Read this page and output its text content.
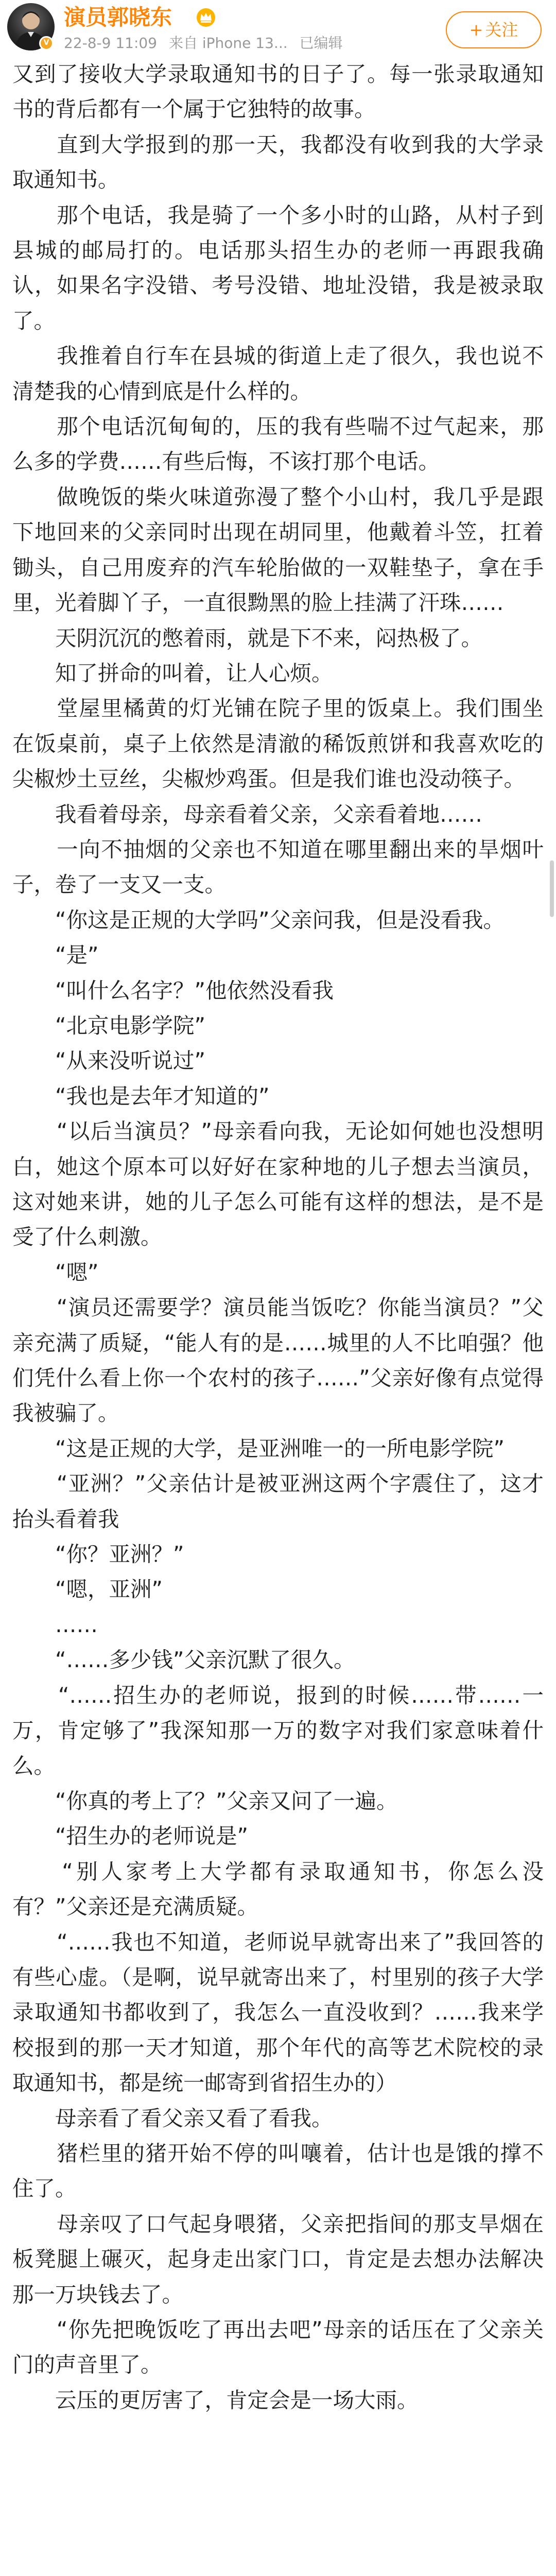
V
演员郭晓东
22-8-9 11:09 来自 iPhone 13... 已编辑
+ 关注

又到了接收大学录取通知书的日子了。每一张录取通知书的背后都有一个属于它独特的故事。

　　直到大学报到的那一天，我都没有收到我的大学录取通知书。

　　那个电话，我是骑了一个多小时的山路，从村子到县城的邮局打的。电话那头招生办的老师一再跟我确认，如果名字没错、考号没错、地址没错，我是被录取了。

　　我推着自行车在县城的街道上走了很久，我也说不清楚我的心情到底是什么样的。

　　那个电话沉甸甸的，压的我有些喘不过气起来，那么多的学费……有些后悔，不该打那个电话。

　　做晚饭的柴火味道弥漫了整个小山村，我几乎是跟下地回来的父亲同时出现在胡同里，他戴着斗笠，扛着锄头，自己用废弃的汽车轮胎做的一双鞋垫子，拿在手里，光着脚丫子，一直很黝黑的脸上挂满了汗珠……

　　天阴沉沉的憋着雨，就是下不来，闷热极了。

　　知了拼命的叫着，让人心烦。

　　堂屋里橘黄的灯光铺在院子里的饭桌上。我们围坐在饭桌前，桌子上依然是清澈的稀饭煎饼和我喜欢吃的尖椒炒土豆丝，尖椒炒鸡蛋。但是我们谁也没动筷子。

　　我看着母亲，母亲看着父亲，父亲看着地……

　　一向不抽烟的父亲也不知道在哪里翻出来的旱烟叶子，卷了一支又一支。

　　“你这是正规的大学吗”父亲问我，但是没看我。

　　“是”

　　“叫什么名字？”他依然没看我

　　“北京电影学院”

　　“从来没听说过”

　　“我也是去年才知道的”

　　“以后当演员？”母亲看向我，无论如何她也没想明白，她这个原本可以好好在家种地的儿子想去当演员，这对她来讲，她的儿子怎么可能有这样的想法，是不是受了什么刺激。

　　“嗯”

　　“演员还需要学？演员能当饭吃？你能当演员？”父亲充满了质疑，“能人有的是……城里的人不比咱强？他们凭什么看上你一个农村的孩子……”父亲好像有点觉得我被骗了。

　　“这是正规的大学，是亚洲唯一的一所电影学院”

　　“亚洲？”父亲估计是被亚洲这两个字震住了，这才抬头看着我

　　“你？亚洲？”

　　“嗯，亚洲”

　　……

　　“……多少钱”父亲沉默了很久。

　　“……招生办的老师说，报到的时候……带……一万，肯定够了”我深知那一万的数字对我们家意味着什么。

　　“你真的考上了？”父亲又问了一遍。

　　“招生办的老师说是”

　　“别人家考上大学都有录取通知书，你怎么没有？”父亲还是充满质疑。

　　“……我也不知道，老师说早就寄出来了”我回答的有些心虚。（是啊，说早就寄出来了，村里别的孩子大学录取通知书都收到了，我怎么一直没收到？……我来学校报到的那一天才知道，那个年代的高等艺术院校的录取通知书，都是统一邮寄到省招生办的）

　　母亲看了看父亲又看了看我。

　　猪栏里的猪开始不停的叫嚷着，估计也是饿的撑不住了。

　　母亲叹了口气起身喂猪，父亲把指间的那支旱烟在板凳腿上碾灭，起身走出家门口，肯定是去想办法解决那一万块钱去了。

　　“你先把晚饭吃了再出去吧”母亲的话压在了父亲关门的声音里了。

　　云压的更厉害了，肯定会是一场大雨。
